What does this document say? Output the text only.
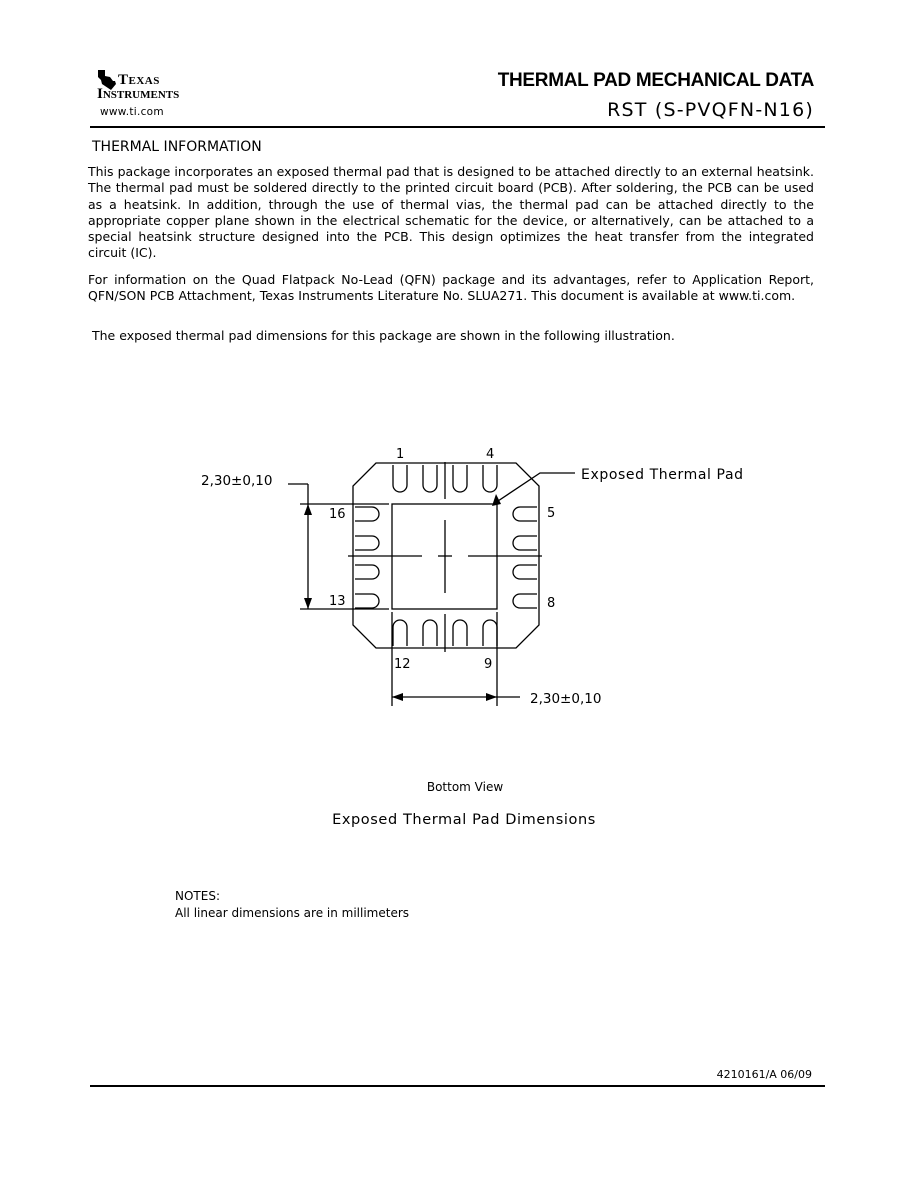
Texas
Instruments
www.ti.com
THERMAL PAD MECHANICAL DATA
RST (S-PVQFN-N16)
THERMAL INFORMATION
This package incorporates an exposed thermal pad that is designed to be attached directly to an external heatsink. The thermal pad must be soldered directly to the printed circuit board (PCB). After soldering, the PCB can be used as a heatsink. In addition, through the use of thermal vias, the thermal pad can be attached directly to the appropriate copper plane shown in the electrical schematic for the device, or alternatively, can be attached to a special heatsink structure designed into the PCB. This design optimizes the heat transfer from the integrated circuit (IC).
For information on the Quad Flatpack No-Lead (QFN) package and its advantages, refer to Application Report, QFN/SON PCB Attachment, Texas Instruments Literature No. SLUA271. This document is available at www.ti.com.
The exposed thermal pad dimensions for this package are shown in the following illustration.
1	4
5
8
9
12
13
16
Exposed Thermal Pad
2,30±0,10
2,30±0,10
Bottom View
Exposed Thermal Pad Dimensions
NOTES:
All linear dimensions are in millimeters
4210161/A 06/09
